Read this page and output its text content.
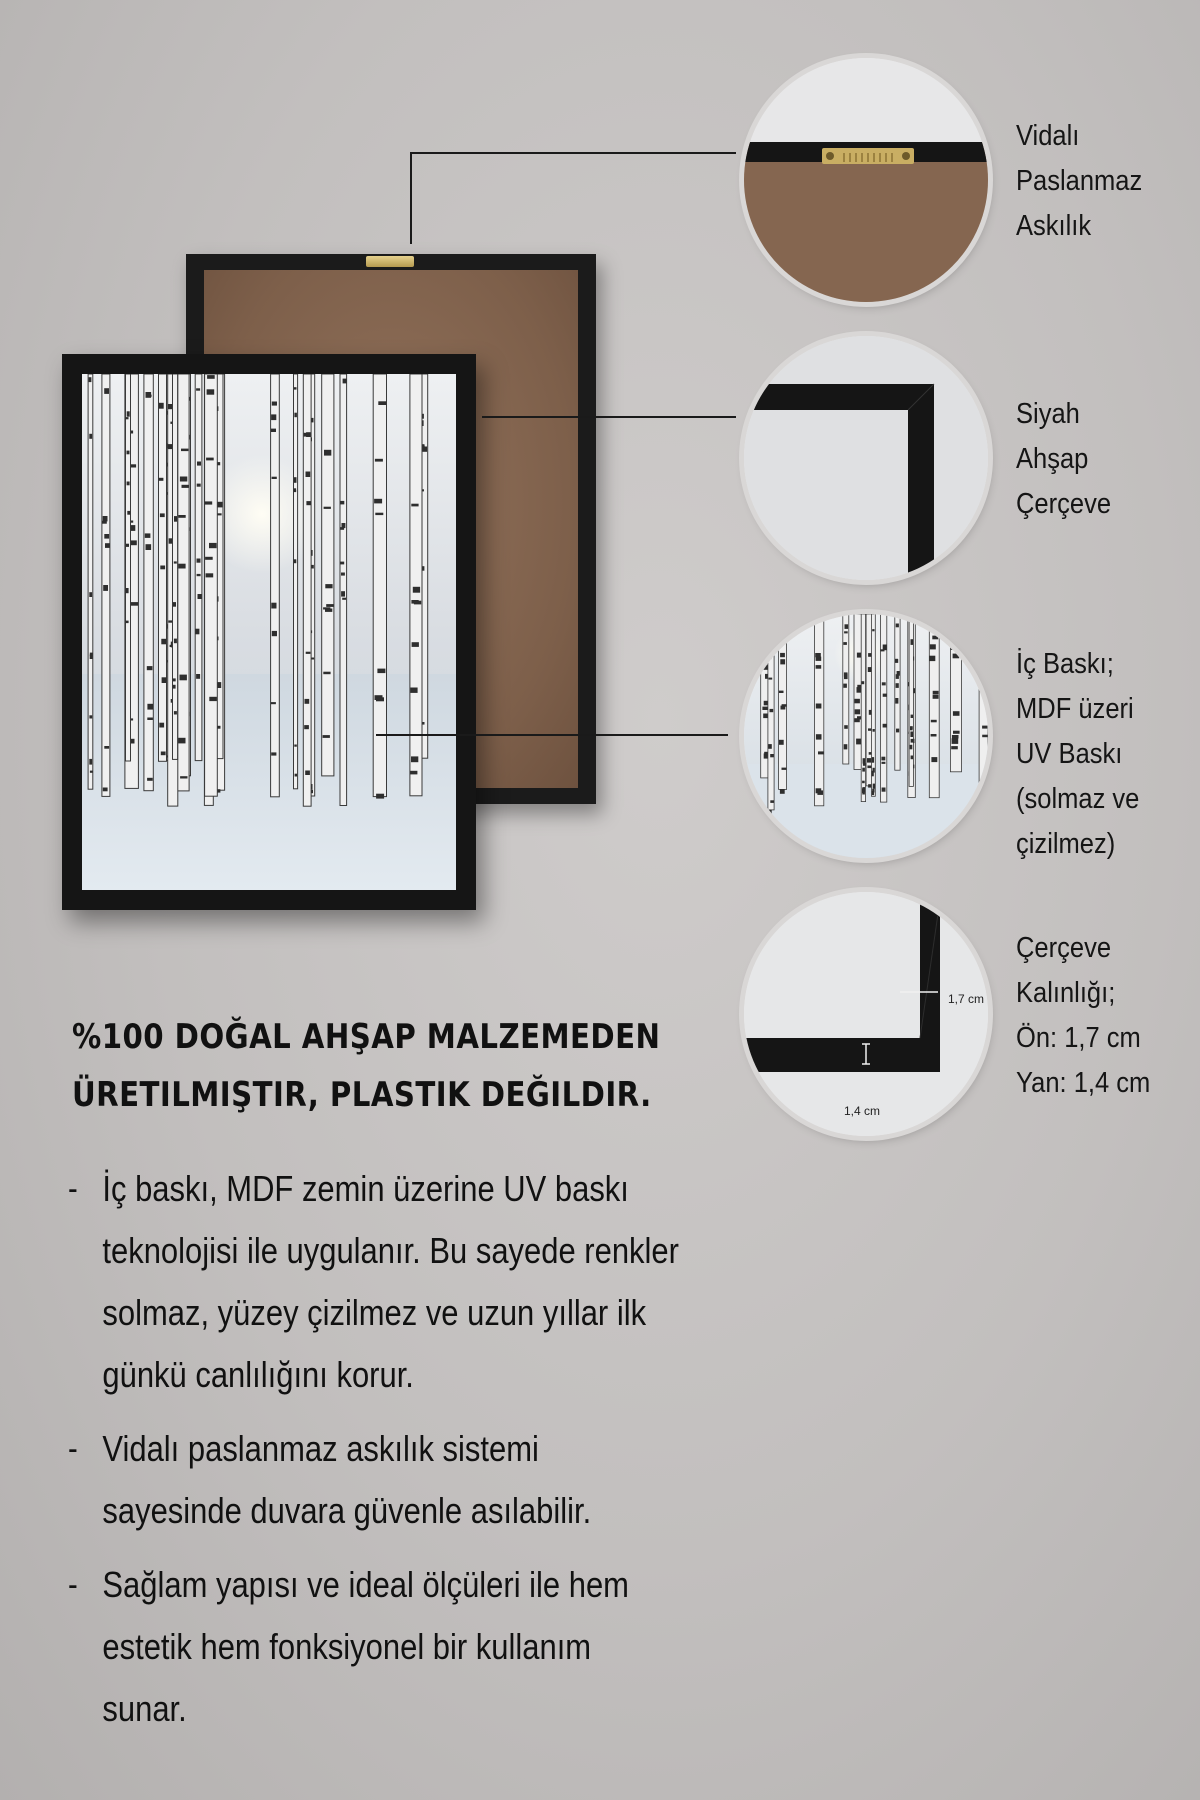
1,7 cm
1,4 cm
Vidalı
Paslanmaz
Askılık
Siyah
Ahşap
Çerçeve
İç Baskı;
MDF üzeri
UV Baskı
(solmaz ve
çizilmez)
Çerçeve
Kalınlığı;
Ön: 1,7 cm
Yan: 1,4 cm
%100 DOĞAL AHŞAP MALZEMEDEN
ÜRETILMIŞTIR, PLASTIK DEĞILDIR.
- İç baskı, MDF zemin üzerine UV baskı
teknolojisi ile uygulanır. Bu sayede renkler
solmaz, yüzey çizilmez ve uzun yıllar ilk
günkü canlılığını korur.
- Vidalı paslanmaz askılık sistemi
sayesinde duvara güvenle asılabilir.
- Sağlam yapısı ve ideal ölçüleri ile hem
estetik hem fonksiyonel bir kullanım
sunar.
